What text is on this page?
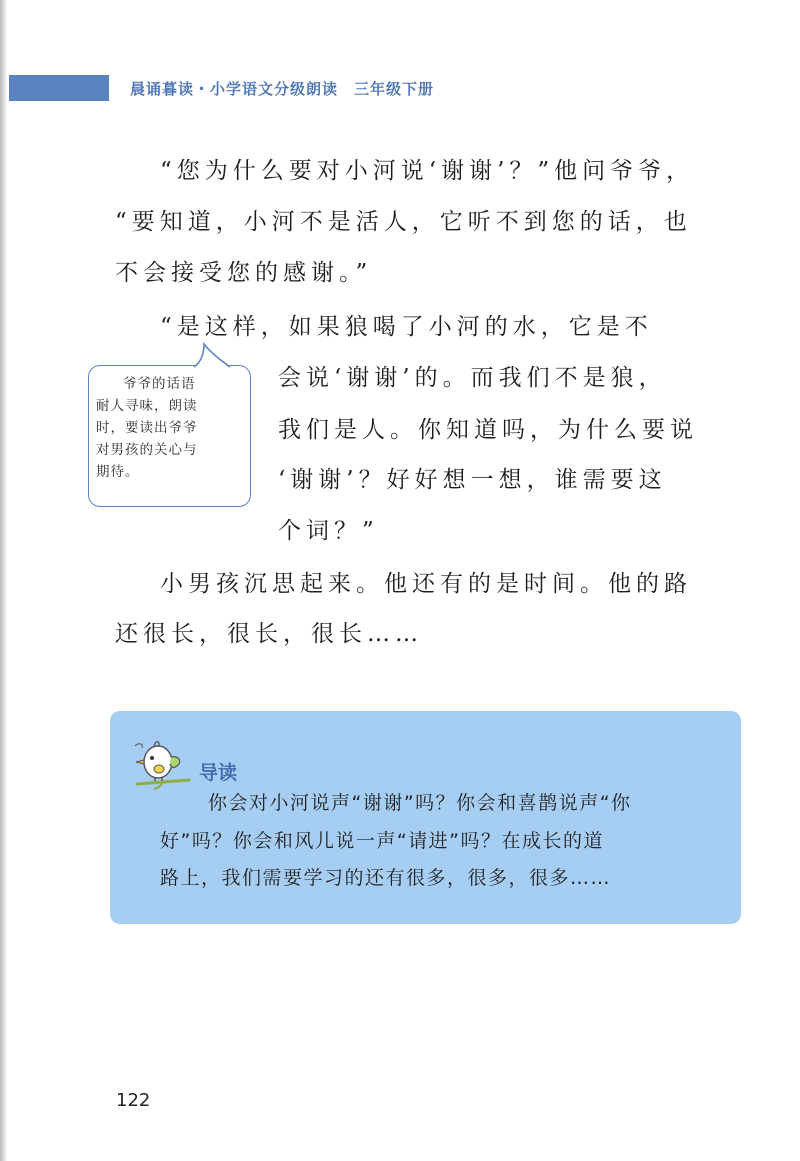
晨诵暮读・小学语文分级朗读　三年级下册

“您为什么要对小河说‘谢谢’？”他问爷爷，

“要知道，小河不是活人，它听不到您的话，也

不会接受您的感谢。”

“是这样，如果狼喝了小河的水，它是不

会说‘谢谢’的。而我们不是狼，

我们是人。你知道吗，为什么要说

‘谢谢’？好好想一想，谁需要这

个词？”

小男孩沉思起来。他还有的是时间。他的路

还很长，很长，很长……

爷爷的话语
耐人寻味，朗读
时，要读出爷爷
对男孩的关心与
期待。
导读

你会对小河说声“谢谢”吗？你会和喜鹊说声“你

好”吗？你会和风儿说一声“请进”吗？在成长的道

路上，我们需要学习的还有很多，很多，很多……

122
